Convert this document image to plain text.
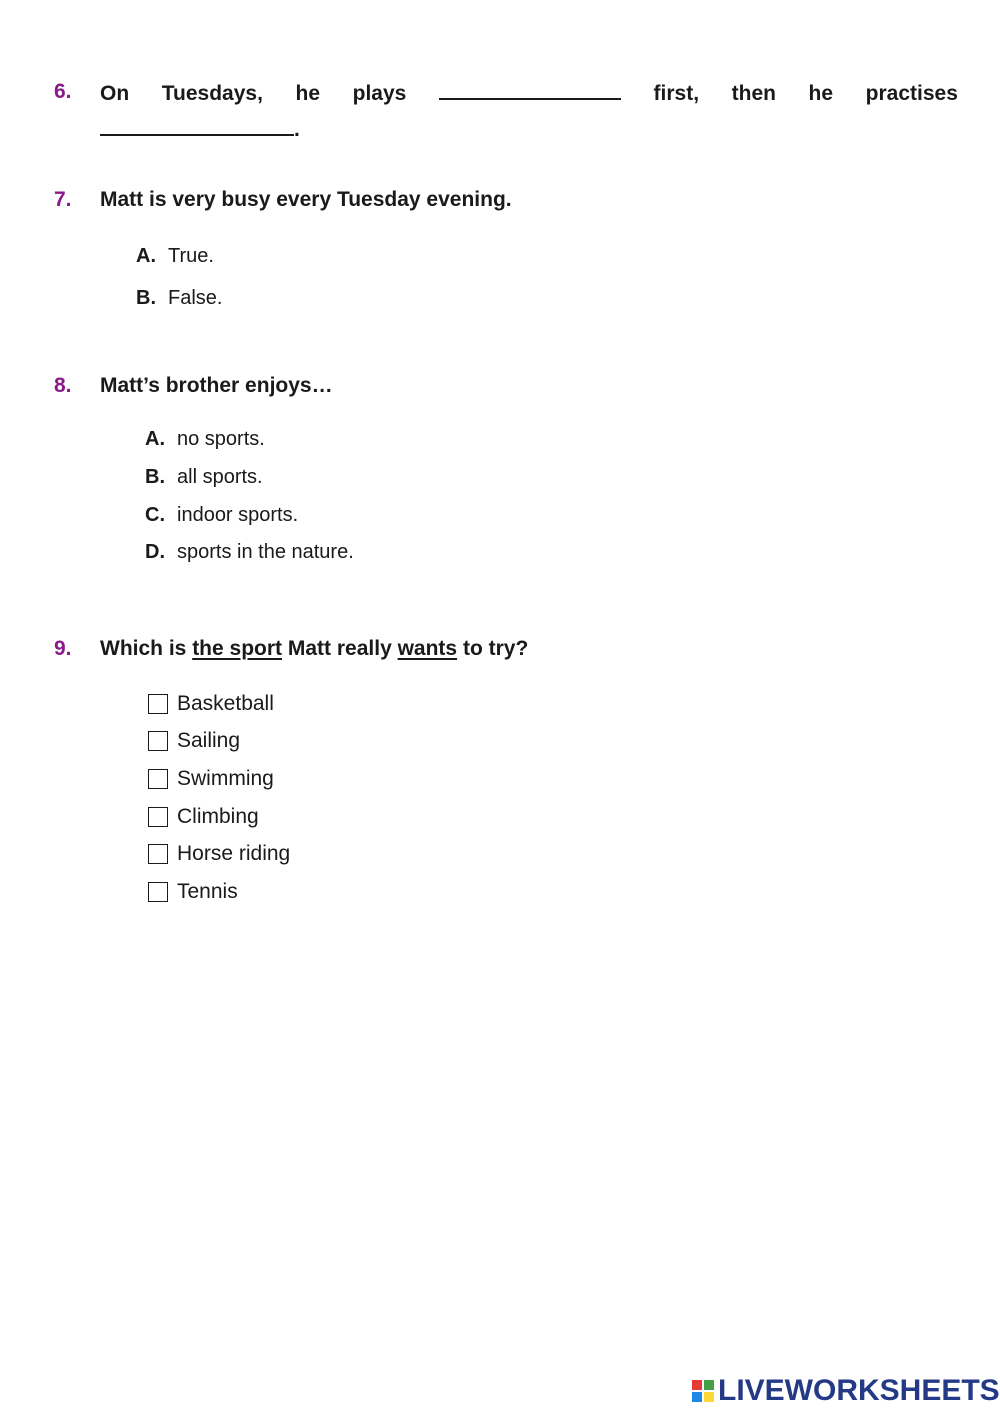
6. On Tuesdays, he plays	first, then he practises
.
7. Matt is very busy every Tuesday evening.
A. True.
B. False.
8. Matt’s brother enjoys…
A. no sports.
B. all sports.
C. indoor sports.
D. sports in the nature.
9. Which is the sport Matt really wants to try?
Basketball
Sailing
Swimming
Climbing
Horse riding
Tennis
LIVEWORKSHEETS
